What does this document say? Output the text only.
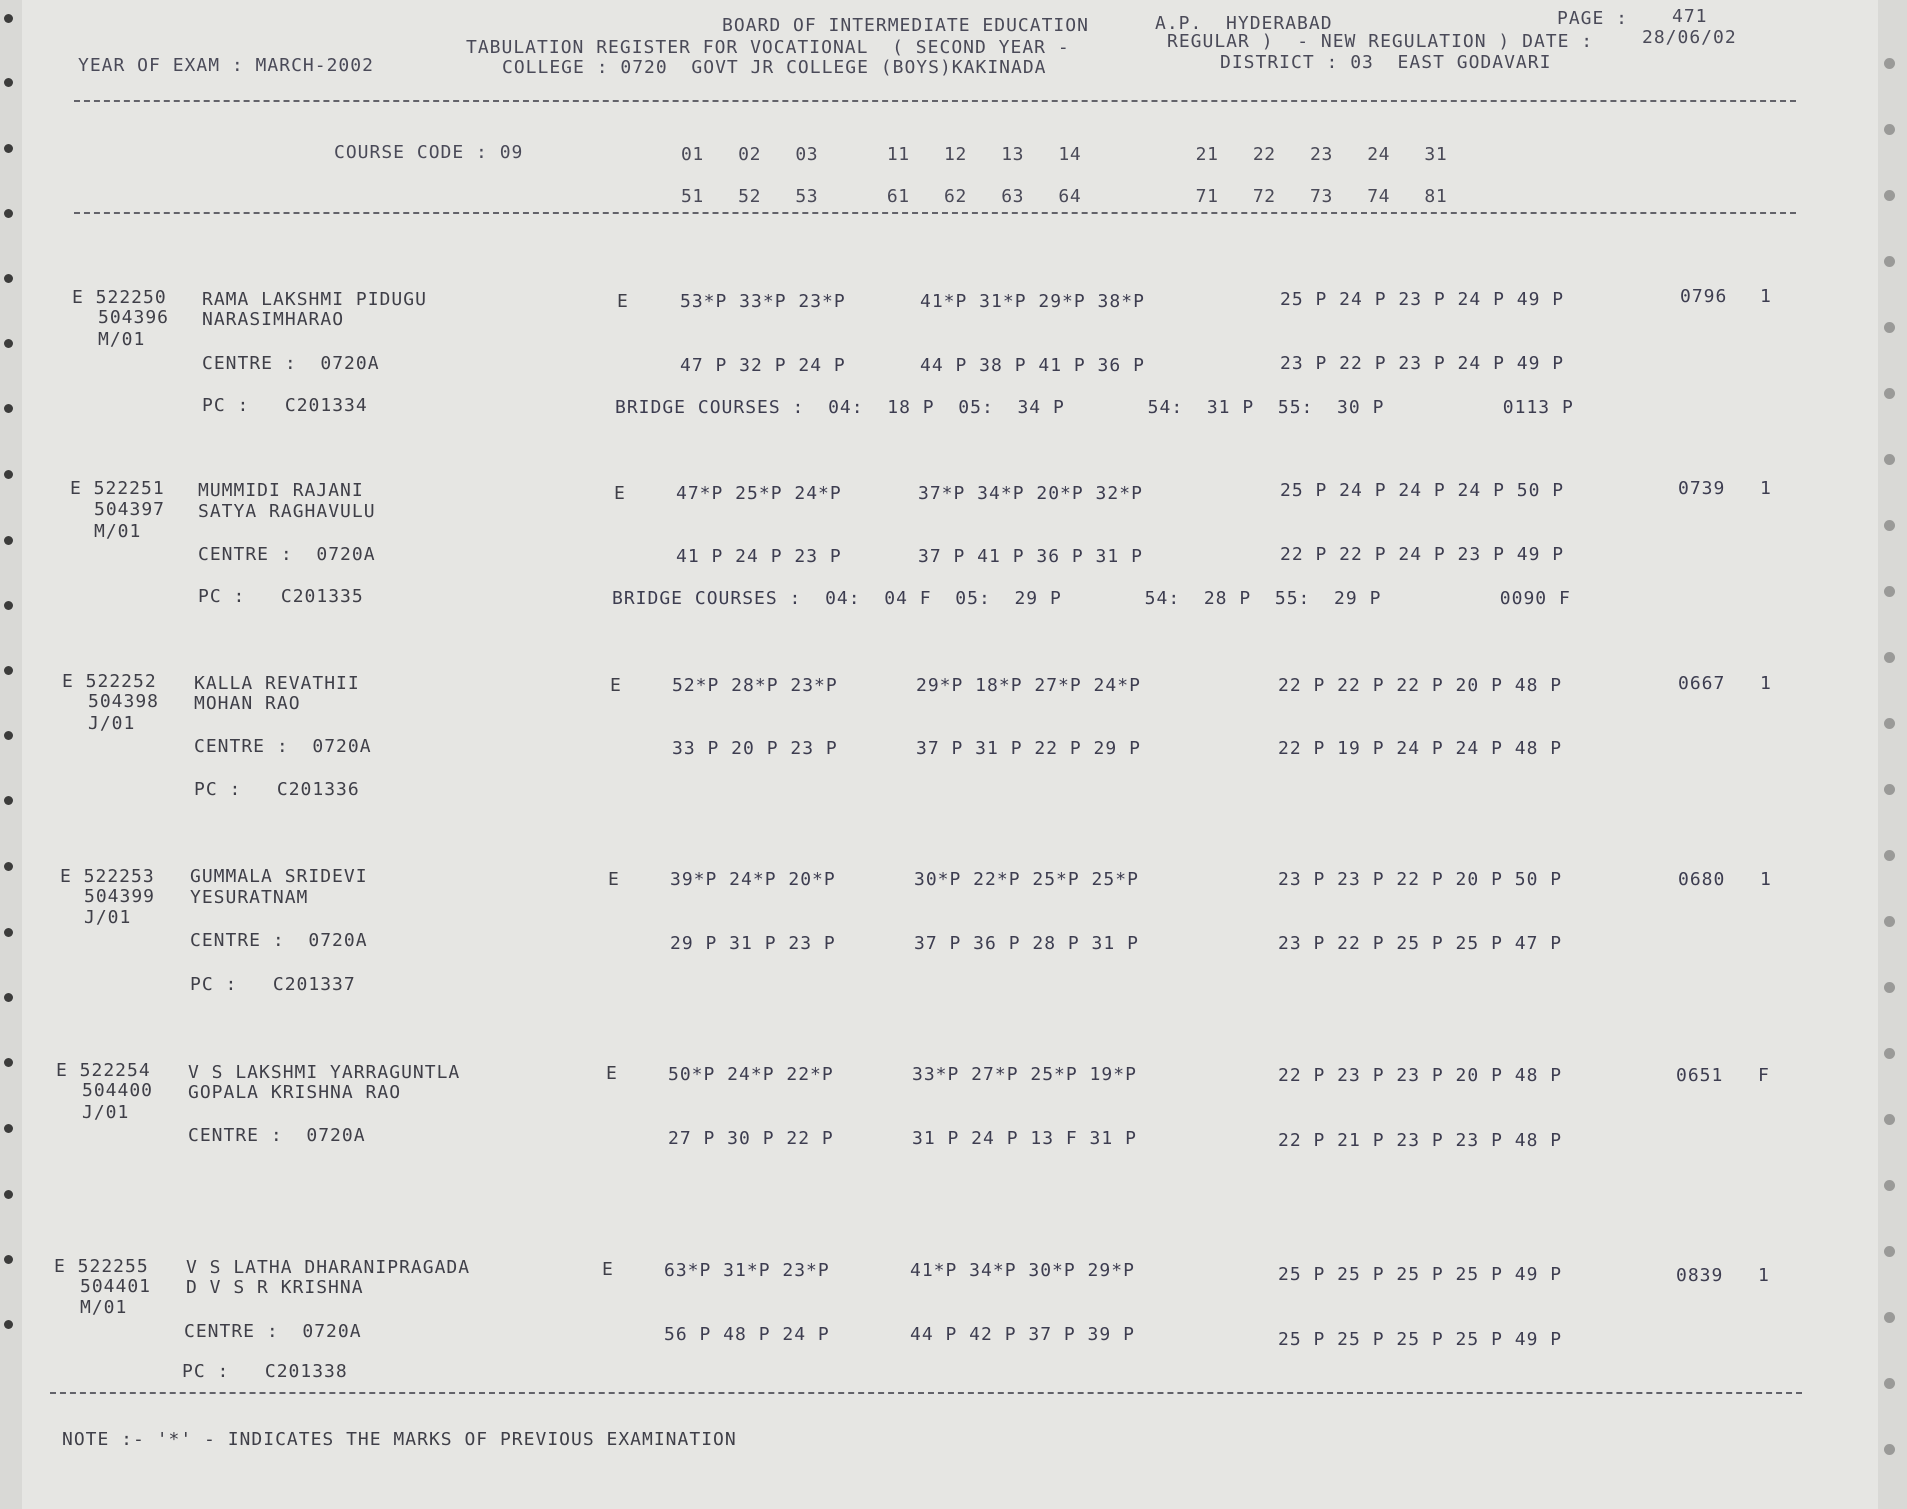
BOARD OF INTERMEDIATE EDUCATION	A.P.  HYDERABAD	PAGE : 471
TABULATION REGISTER FOR VOCATIONAL  ( SECOND YEAR -	REGULAR )  - NEW REGULATION ) DATE :	28/06/02
YEAR OF EXAM : MARCH-2002	COLLEGE : 0720  GOVT JR COLLEGE (BOYS)KAKINADA	DISTRICT : 03  EAST GODAVARI
COURSE CODE : 09	01   02   03      11   12   13   14          21   22   23   24   31
51   52   53      61   62   63   64          71   72   73   74   81
E 522250 RAMA LAKSHMI PIDUGU
504396 NARASIMHARAO
M/01
E	53*P 33*P 23*P	41*P 31*P 29*P 38*P	25 P 24 P 23 P 24 P 49 P	0796 1
CENTRE :  0720A	47 P 32 P 24 P	44 P 38 P 41 P 36 P	23 P 22 P 23 P 24 P 49 P
PC :   C201334	BRIDGE COURSES :  04:  18 P  05:  34 P       54:  31 P  55:  30 P          0113 P
E 522251 MUMMIDI RAJANI
504397 SATYA RAGHAVULU
M/01
E	47*P 25*P 24*P	37*P 34*P 20*P 32*P	25 P 24 P 24 P 24 P 50 P	0739 1
CENTRE :  0720A	41 P 24 P 23 P	37 P 41 P 36 P 31 P	22 P 22 P 24 P 23 P 49 P
PC :   C201335	BRIDGE COURSES :  04:  04 F  05:  29 P       54:  28 P  55:  29 P          0090 F
E 522252 KALLA REVATHII
504398 MOHAN RAO
J/01
E	52*P 28*P 23*P	29*P 18*P 27*P 24*P	22 P 22 P 22 P 20 P 48 P	0667 1
CENTRE :  0720A	33 P 20 P 23 P	37 P 31 P 22 P 29 P	22 P 19 P 24 P 24 P 48 P
PC :   C201336
E 522253 GUMMALA SRIDEVI
504399 YESURATNAM
J/01
E	39*P 24*P 20*P	30*P 22*P 25*P 25*P	23 P 23 P 22 P 20 P 50 P	0680 1
CENTRE :  0720A	29 P 31 P 23 P	37 P 36 P 28 P 31 P	23 P 22 P 25 P 25 P 47 P
PC :   C201337
E 522254 V S LAKSHMI YARRAGUNTLA
504400 GOPALA KRISHNA RAO
J/01
E	50*P 24*P 22*P	33*P 27*P 25*P 19*P	22 P 23 P 23 P 20 P 48 P	0651 F
CENTRE :  0720A	27 P 30 P 22 P	31 P 24 P 13 F 31 P	22 P 21 P 23 P 23 P 48 P
E 522255 V S LATHA DHARANIPRAGADA
504401 D V S R KRISHNA
M/01
E	63*P 31*P 23*P	41*P 34*P 30*P 29*P	25 P 25 P 25 P 25 P 49 P	0839 1
CENTRE :  0720A	56 P 48 P 24 P	44 P 42 P 37 P 39 P	25 P 25 P 25 P 25 P 49 P
PC :   C201338
NOTE :- '*' - INDICATES THE MARKS OF PREVIOUS EXAMINATION
